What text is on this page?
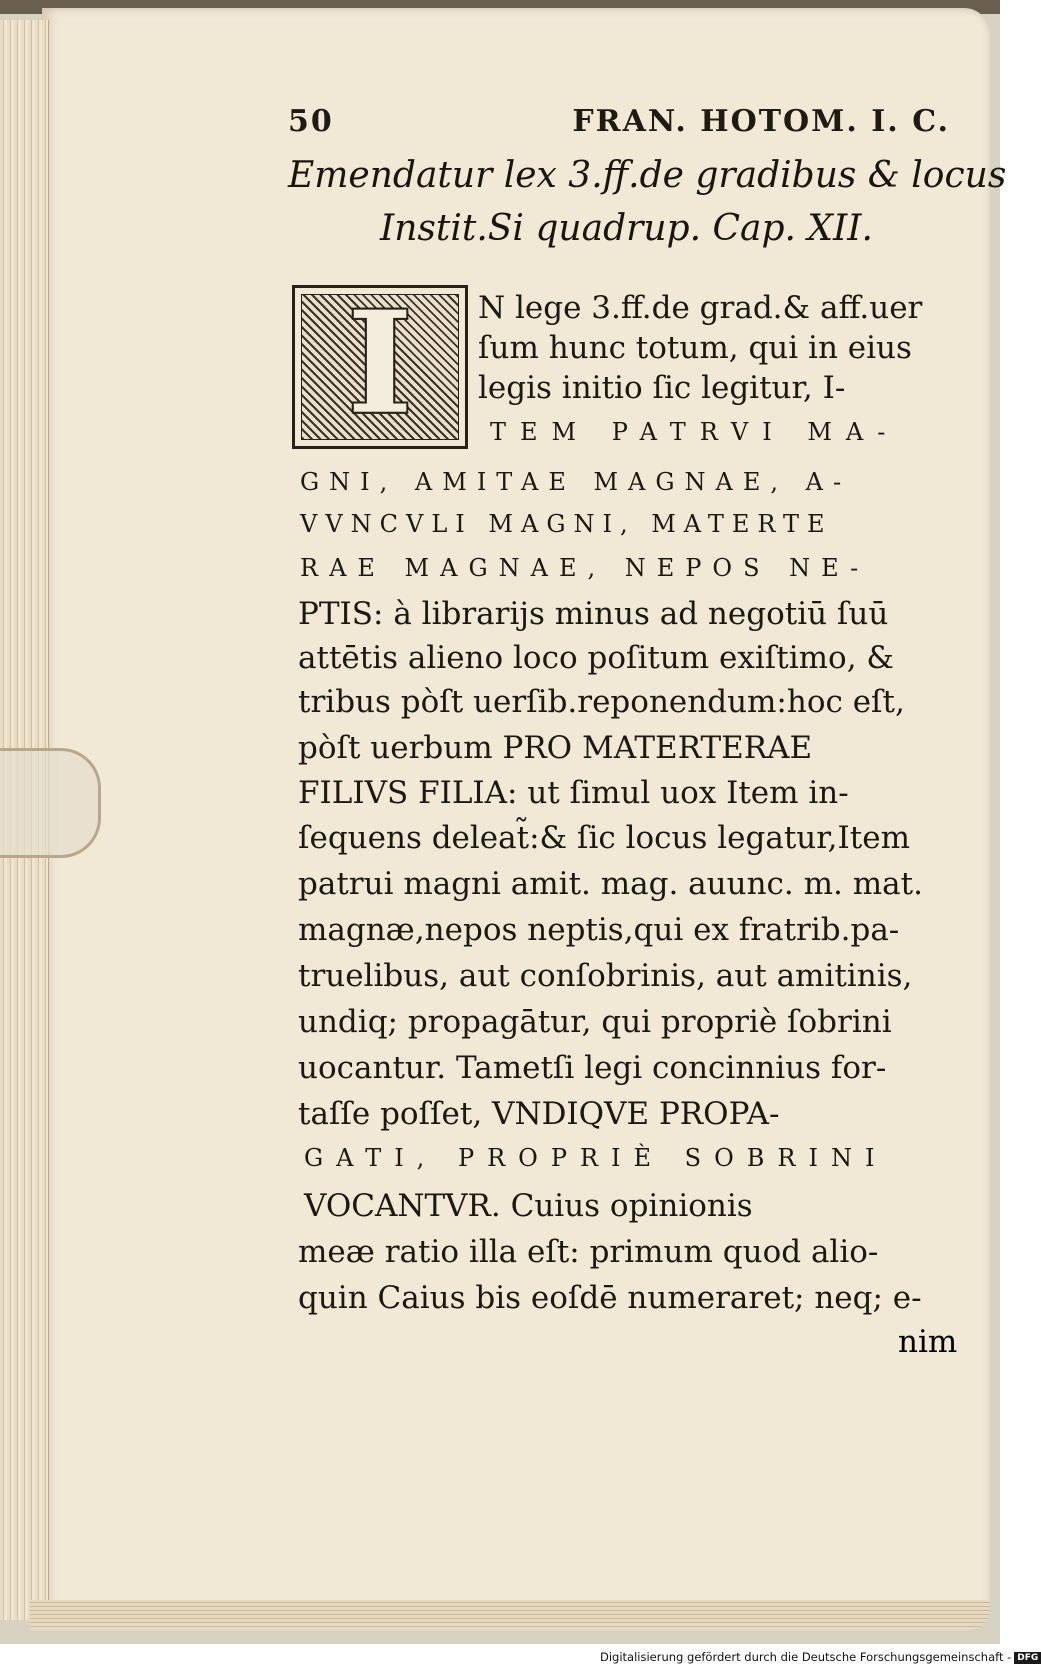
50	FRAN. HOTOM. I. C.
Emendatur lex 3.ff.de gradibus & locus
Instit.Si quadrup. Cap. XII.
I N lege 3.ff.de grad.& aff.uer
ſum hunc totum, qui in eius
legis initio ſic legitur, I-
TEM PATRVI MA-
GNI, AMITAE MAGNAE, A-
VVNCVLI MAGNI, MATERTE
RAE MAGNAE, NEPOS NE-
PTIS: à librarijs minus ad negotiū ſuū
attētis alieno loco poſitum exiſtimo, &
tribus pòſt uerſib.reponendum:hoc eſt,
pòſt uerbum PRO MATERTERAE
FILIVS FILIA: ut ſimul uox Item in-
ſequens deleat̃:& ſic locus legatur,Item
patrui magni amit. mag. auunc. m. mat.
magnæ,nepos neptis,qui ex fratrib.pa-
truelibus, aut conſobrinis, aut amitinis,
undiq; propagātur, qui propriè ſobrini
uocantur. Tametſi legi concinnius for-
taſſe poſſet, VNDIQVE PROPA-
GATI, PROPRIÈ SOBRINI
VOCANTVR. Cuius opinionis
meæ ratio illa eſt: primum quod alio-
quin Caius bis eoſdē numeraret; neq; e-
nim
Digitalisierung gefördert durch die Deutsche Forschungsgemeinschaft - DFG
